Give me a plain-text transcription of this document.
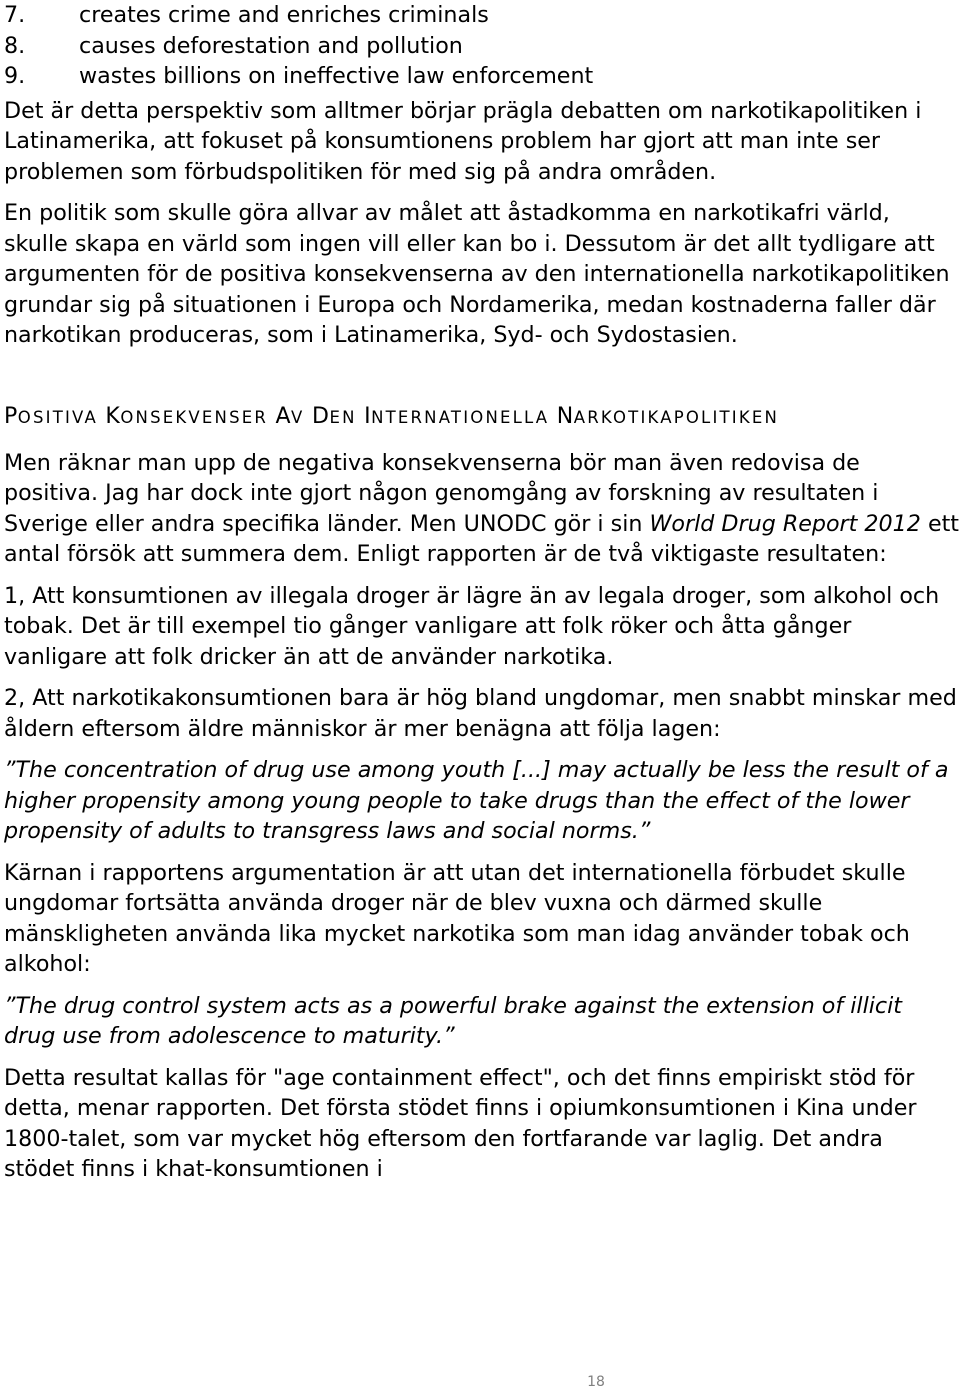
7. creates crime and enriches criminals
8. causes deforestation and pollution
9. wastes billions on ineffective law enforcement

Det är detta perspektiv som alltmer börjar prägla debatten om narkotikapolitiken i Latinamerika, att fokuset på konsumtionens problem har gjort att man inte ser problemen som förbudspolitiken för med sig på andra områden.

En politik som skulle göra allvar av målet att åstadkomma en narkotikafri värld, skulle skapa en värld som ingen vill eller kan bo i. Dessutom är det allt tydligare att argumenten för de positiva konsekvenserna av den internationella narkotikapolitiken grundar sig på situationen i Europa och Nordamerika, medan kostnaderna faller där narkotikan produceras, som i Latinamerika, Syd- och Sydostasien.

POSITIVA KONSEKVENSER AV DEN INTERNATIONELLA NARKOTIKAPOLITIKEN

Men räknar man upp de negativa konsekvenserna bör man även redovisa de positiva. Jag har dock inte gjort någon genomgång av forskning av resultaten i Sverige eller andra specifika länder. Men UNODC gör i sin World Drug Report 2012 ett antal försök att summera dem. Enligt rapporten är de två viktigaste resultaten:

1, Att konsumtionen av illegala droger är lägre än av legala droger, som alkohol och tobak. Det är till exempel tio gånger vanligare att folk röker och åtta gånger vanligare att folk dricker än att de använder narkotika.

2, Att narkotikakonsumtionen bara är hög bland ungdomar, men snabbt minskar med åldern eftersom äldre människor är mer benägna att följa lagen:

”The concentration of drug use among youth [...] may actually be less the result of a higher propensity among young people to take drugs than the effect of the lower propensity of adults to transgress laws and social norms.”

Kärnan i rapportens argumentation är att utan det internationella förbudet skulle ungdomar fortsätta använda droger när de blev vuxna och därmed skulle mänskligheten använda lika mycket narkotika som man idag använder tobak och alkohol:

”The drug control system acts as a powerful brake against the extension of illicit drug use from adolescence to maturity.”

Detta resultat kallas för "age containment effect", och det finns empiriskt stöd för detta, menar rapporten. Det första stödet finns i opiumkonsumtionen i Kina under 1800-talet, som var mycket hög eftersom den fortfarande var laglig. Det andra stödet finns i khat-konsumtionen i

18
